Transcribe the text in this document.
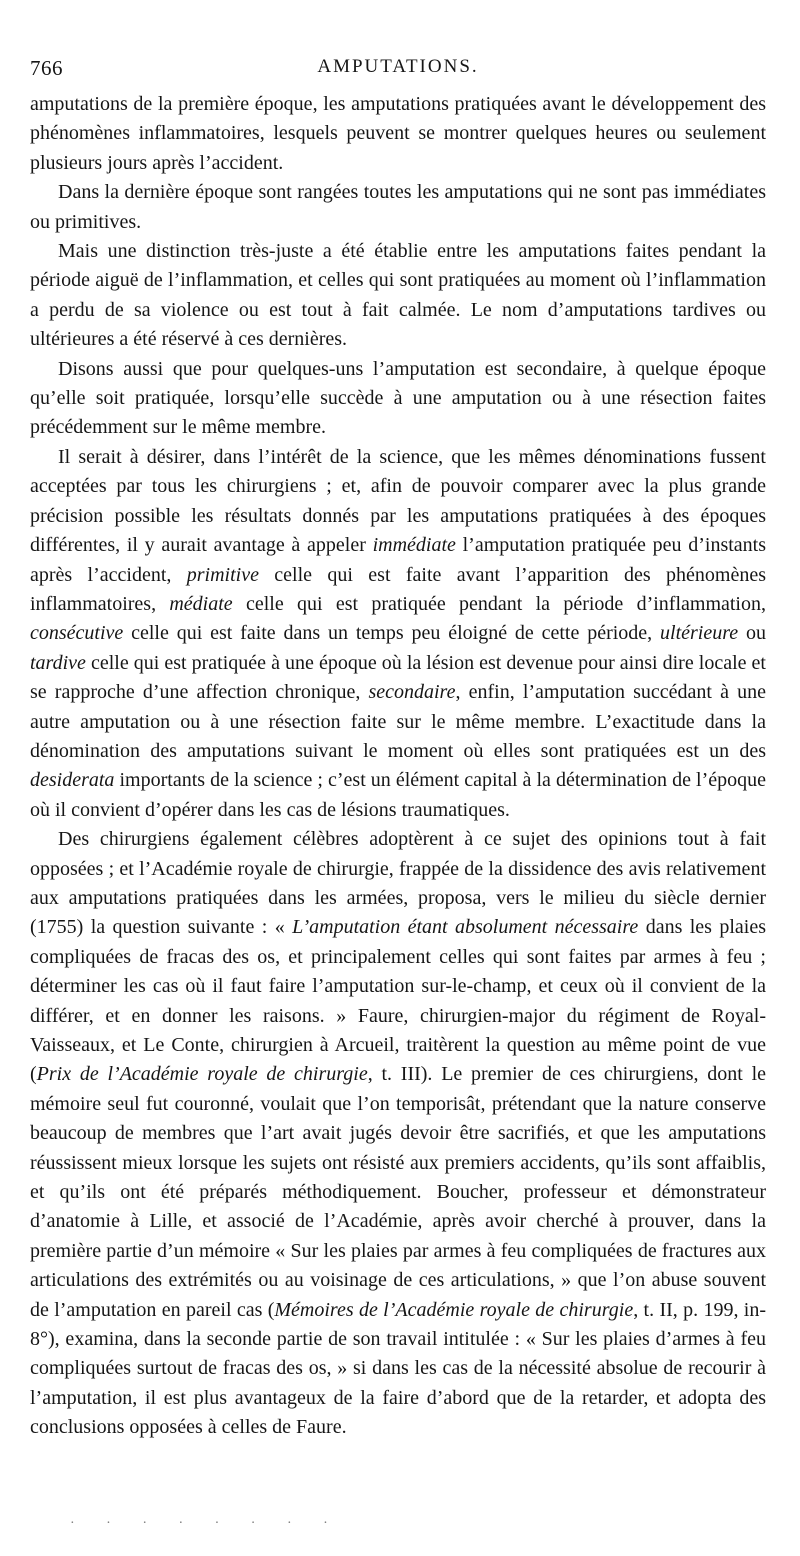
766	AMPUTATIONS.

amputations de la première époque, les amputations pratiquées avant le développement des phénomènes inflammatoires, lesquels peuvent se montrer quelques heures ou seulement plusieurs jours après l’accident.

Dans la dernière époque sont rangées toutes les amputations qui ne sont pas immédiates ou primitives.

Mais une distinction très-juste a été établie entre les amputations faites pendant la période aiguë de l’inflammation, et celles qui sont pratiquées au moment où l’inflammation a perdu de sa violence ou est tout à fait calmée. Le nom d’amputations tardives ou ultérieures a été réservé à ces dernières.

Disons aussi que pour quelques-uns l’amputation est secondaire, à quelque époque qu’elle soit pratiquée, lorsqu’elle succède à une amputation ou à une résection faites précédemment sur le même membre.

Il serait à désirer, dans l’intérêt de la science, que les mêmes dénominations fussent acceptées par tous les chirurgiens ; et, afin de pouvoir comparer avec la plus grande précision possible les résultats donnés par les amputations pratiquées à des époques différentes, il y aurait avantage à appeler immédiate l’amputation pratiquée peu d’instants après l’accident, primitive celle qui est faite avant l’apparition des phénomènes inflammatoires, médiate celle qui est pratiquée pendant la période d’inflammation, consécutive celle qui est faite dans un temps peu éloigné de cette période, ultérieure ou tardive celle qui est pratiquée à une époque où la lésion est devenue pour ainsi dire locale et se rapproche d’une affection chronique, secondaire, enfin, l’amputation succédant à une autre amputation ou à une résection faite sur le même membre. L’exactitude dans la dénomination des amputations suivant le moment où elles sont pratiquées est un des desiderata importants de la science ; c’est un élément capital à la détermination de l’époque où il convient d’opérer dans les cas de lésions traumatiques.

Des chirurgiens également célèbres adoptèrent à ce sujet des opinions tout à fait opposées ; et l’Académie royale de chirurgie, frappée de la dissidence des avis relativement aux amputations pratiquées dans les armées, proposa, vers le milieu du siècle dernier (1755) la question suivante : « L’amputation étant absolument nécessaire dans les plaies compliquées de fracas des os, et principalement celles qui sont faites par armes à feu ; déterminer les cas où il faut faire l’amputation sur-le-champ, et ceux où il convient de la différer, et en donner les raisons. » Faure, chirurgien-major du régiment de Royal-Vaisseaux, et Le Conte, chirurgien à Arcueil, traitèrent la question au même point de vue (Prix de l’Académie royale de chirurgie, t. III). Le premier de ces chirurgiens, dont le mémoire seul fut couronné, voulait que l’on temporisât, prétendant que la nature conserve beaucoup de membres que l’art avait jugés devoir être sacrifiés, et que les amputations réussissent mieux lorsque les sujets ont résisté aux premiers accidents, qu’ils sont affaiblis, et qu’ils ont été préparés méthodiquement. Boucher, professeur et démonstrateur d’anatomie à Lille, et associé de l’Académie, après avoir cherché à prouver, dans la première partie d’un mémoire « Sur les plaies par armes à feu compliquées de fractures aux articulations des extrémités ou au voisinage de ces articulations, » que l’on abuse souvent de l’amputation en pareil cas (Mémoires de l’Académie royale de chirurgie, t. II, p. 199, in-8°), examina, dans la seconde partie de son travail intitulée : « Sur les plaies d’armes à feu compliquées surtout de fracas des os, » si dans les cas de la nécessité absolue de recourir à l’amputation, il est plus avantageux de la faire d’abord que de la retarder, et adopta des conclusions opposées à celles de Faure.

· · · · · · · ·
